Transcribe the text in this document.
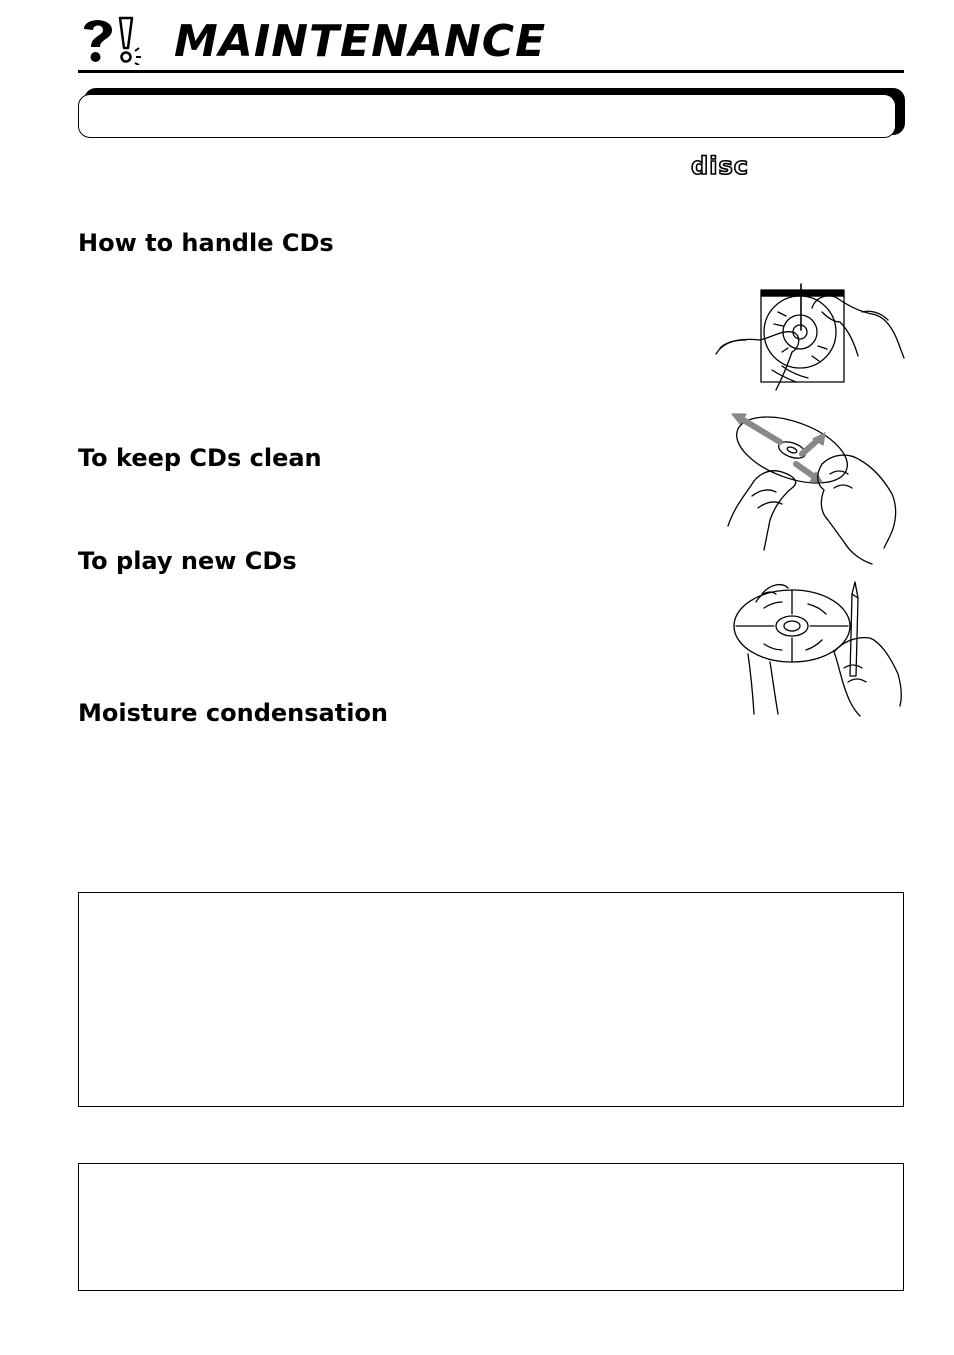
MAINTENANCE
disc
How to handle CDs
To keep CDs clean
To play new CDs
Moisture condensation
